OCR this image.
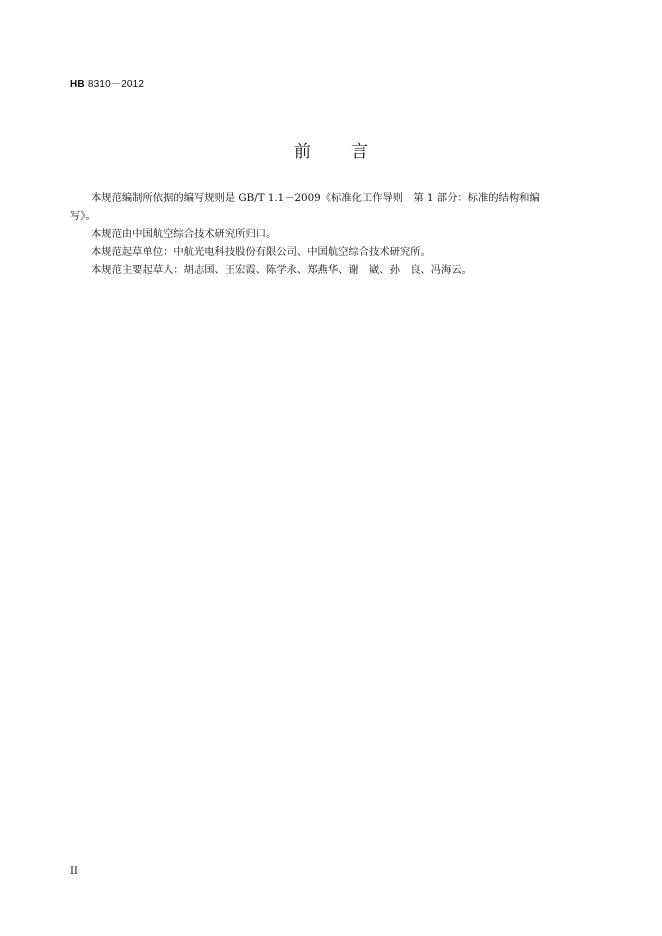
HB 8310－2012
前 言
本规范编制所依据的编写规则是 GB/T 1.1－2009《标准化工作导则　第 1 部分：标准的结构和编
写》。

本规范由中国航空综合技术研究所归口。

本规范起草单位：中航光电科技股份有限公司、中国航空综合技术研究所。

本规范主要起草人：胡志国、王宏霞、陈学永、郑燕华、谢　崴、孙　良、冯海云。

II
